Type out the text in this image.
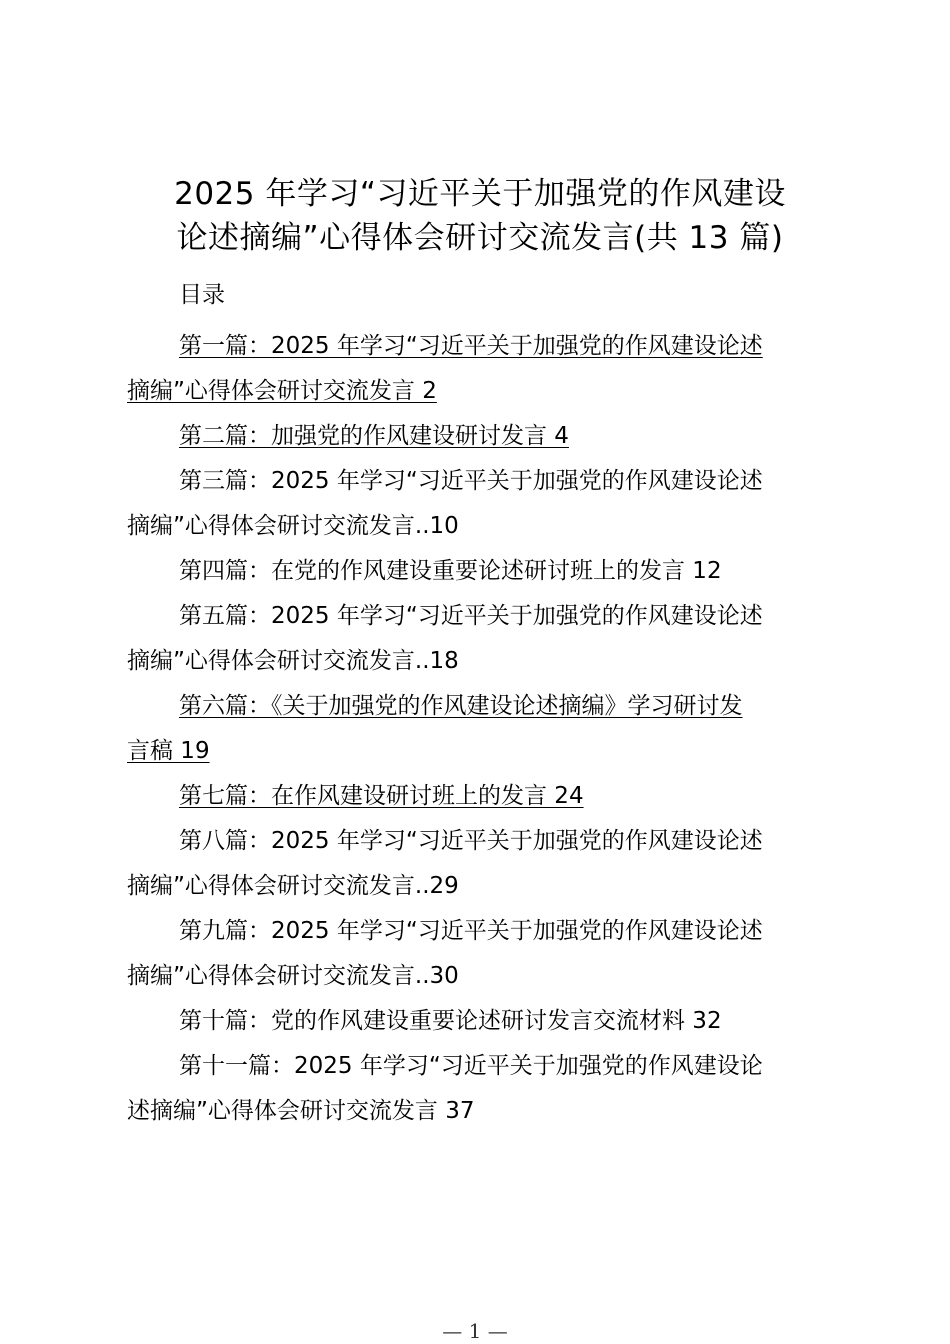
2025 年学习“习近平关于加强党的作风建设
论述摘编”心得体会研讨交流发言(共 13 篇)
目录
第一篇：2025 年学习“习近平关于加强党的作风建设论述
摘编”心得体会研讨交流发言 2
第二篇：加强党的作风建设研讨发言 4
第三篇：2025 年学习“习近平关于加强党的作风建设论述
摘编”心得体会研讨交流发言..10
第四篇：在党的作风建设重要论述研讨班上的发言 12
第五篇：2025 年学习“习近平关于加强党的作风建设论述
摘编”心得体会研讨交流发言..18
第六篇：《关于加强党的作风建设论述摘编》学习研讨发
言稿 19
第七篇：在作风建设研讨班上的发言 24
第八篇：2025 年学习“习近平关于加强党的作风建设论述
摘编”心得体会研讨交流发言..29
第九篇：2025 年学习“习近平关于加强党的作风建设论述
摘编”心得体会研讨交流发言..30
第十篇：党的作风建设重要论述研讨发言交流材料 32
第十一篇：2025 年学习“习近平关于加强党的作风建设论
述摘编”心得体会研讨交流发言 37
— 1 —
